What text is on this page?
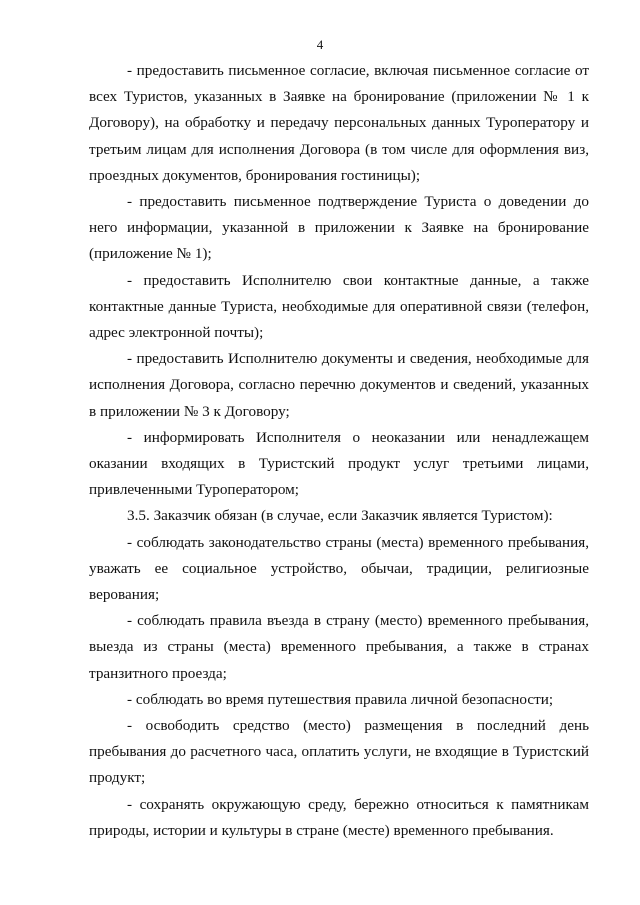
4

- предоставить письменное согласие, включая письменное согласие от всех Туристов, указанных в Заявке на бронирование (приложении № 1 к Договору), на обработку и передачу персональных данных Туроператору и третьим лицам для исполнения Договора (в том числе для оформления виз, проездных документов, бронирования гостиницы);

- предоставить письменное подтверждение Туриста о доведении до него информации, указанной в приложении к Заявке на бронирование (приложение № 1);

- предоставить Исполнителю свои контактные данные, а также контактные данные Туриста, необходимые для оперативной связи (телефон, адрес электронной почты);

- предоставить Исполнителю документы и сведения, необходимые для исполнения Договора, согласно перечню документов и сведений, указанных в приложении № 3 к Договору;

- информировать Исполнителя о неоказании или ненадлежащем оказании входящих в Туристский продукт услуг третьими лицами, привлеченными Туроператором;

3.5. Заказчик обязан (в случае, если Заказчик является Туристом):

- соблюдать законодательство страны (места) временного пребывания, уважать ее социальное устройство, обычаи, традиции, религиозные верования;

- соблюдать правила въезда в страну (место) временного пребывания, выезда из страны (места) временного пребывания, а также в странах транзитного проезда;

- соблюдать во время путешествия правила личной безопасности;

- освободить средство (место) размещения в последний день пребывания до расчетного часа, оплатить услуги, не входящие в Туристский продукт;

- сохранять окружающую среду, бережно относиться к памятникам природы, истории и культуры в стране (месте) временного пребывания.
